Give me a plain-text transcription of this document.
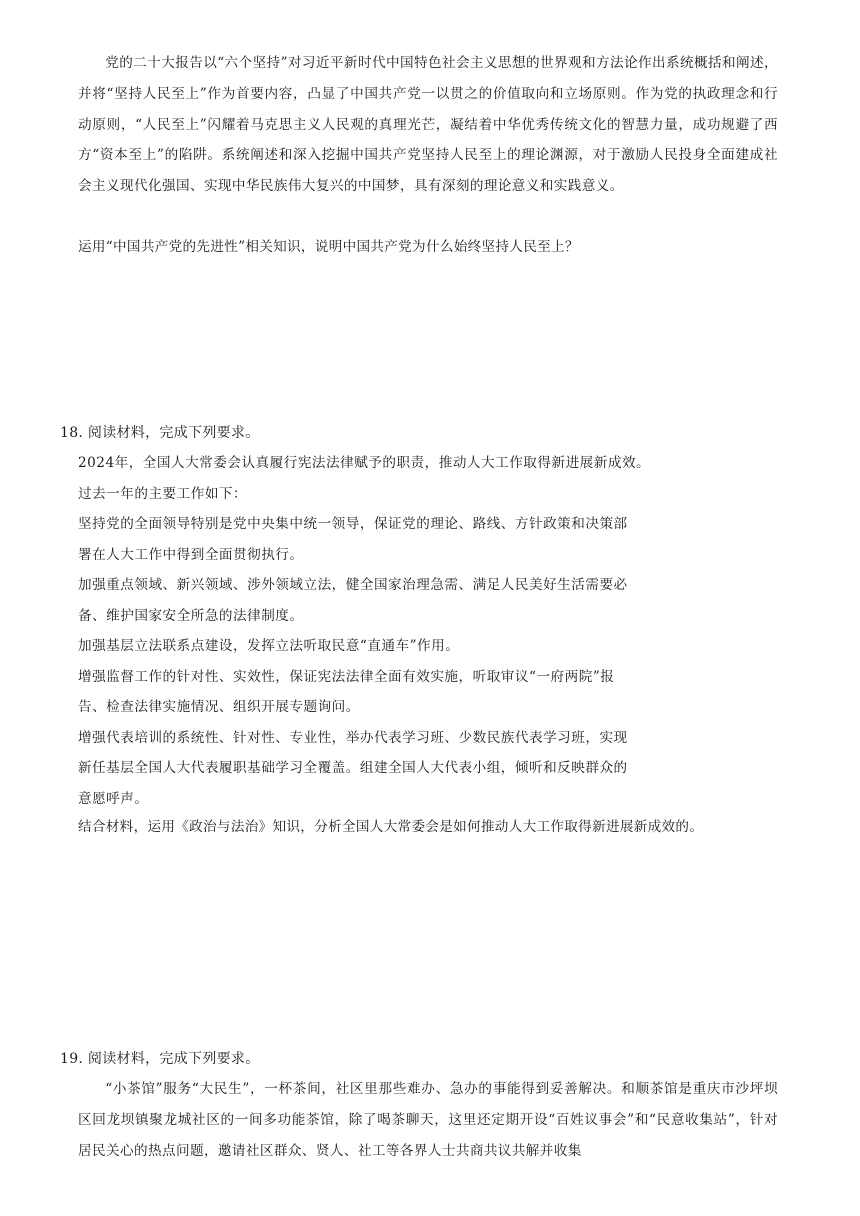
党的二十大报告以“六个坚持”对习近平新时代中国特色社会主义思想的世界观和方法论作出系统概括和阐述，并将“坚持人民至上”作为首要内容，凸显了中国共产党一以贯之的价值取向和立场原则。作为党的执政理念和行动原则，“人民至上”闪耀着马克思主义人民观的真理光芒，凝结着中华优秀传统文化的智慧力量，成功规避了西方“资本至上”的陷阱。系统阐述和深入挖掘中国共产党坚持人民至上的理论渊源，对于激励人民投身全面建成社会主义现代化强国、实现中华民族伟大复兴的中国梦，具有深刻的理论意义和实践意义。

运用“中国共产党的先进性”相关知识，说明中国共产党为什么始终坚持人民至上？

18. 阅读材料，完成下列要求。

2024年，全国人大常委会认真履行宪法法律赋予的职责，推动人大工作取得新进展新成效。

过去一年的主要工作如下：

坚持党的全面领导特别是党中央集中统一领导，保证党的理论、路线、方针政策和决策部

署在人大工作中得到全面贯彻执行。

加强重点领域、新兴领域、涉外领域立法，健全国家治理急需、满足人民美好生活需要必

备、维护国家安全所急的法律制度。

加强基层立法联系点建设，发挥立法听取民意“直通车”作用。

增强监督工作的针对性、实效性，保证宪法法律全面有效实施，听取审议“一府两院”报

告、检查法律实施情况、组织开展专题询问。

增强代表培训的系统性、针对性、专业性，举办代表学习班、少数民族代表学习班，实现

新任基层全国人大代表履职基础学习全覆盖。组建全国人大代表小组，倾听和反映群众的

意愿呼声。

结合材料，运用《政治与法治》知识，分析全国人大常委会是如何推动人大工作取得新进展新成效的。

19. 阅读材料，完成下列要求。

“小茶馆”服务“大民生”，一杯茶间，社区里那些难办、急办的事能得到妥善解决。和顺茶馆是重庆市沙坪坝区回龙坝镇聚龙城社区的一间多功能茶馆，除了喝茶聊天，这里还定期开设“百姓议事会”和“民意收集站”，针对居民关心的热点问题，邀请社区群众、贤人、社工等各界人士共商共议共解并收集
